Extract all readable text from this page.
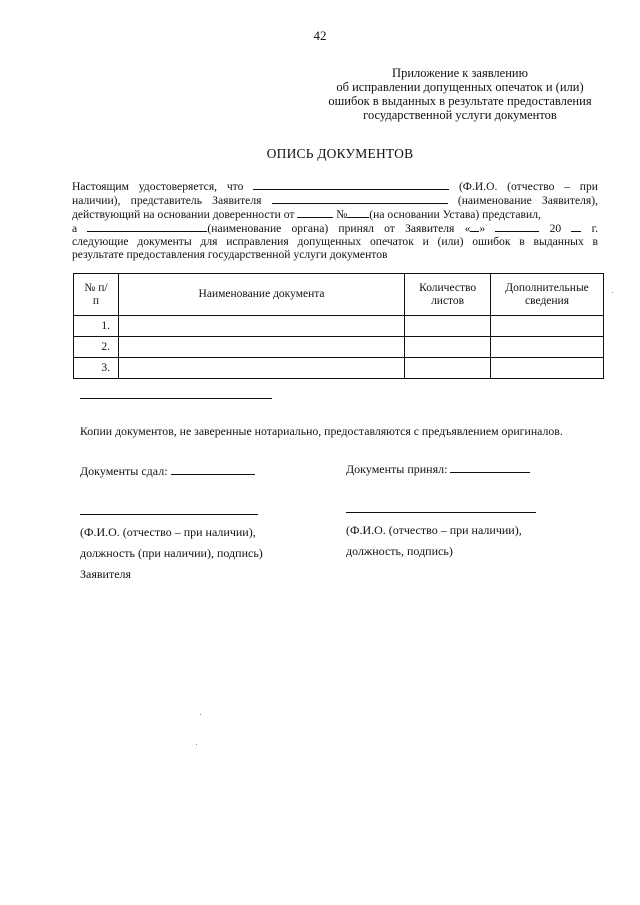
42
Приложение к заявлению
об исправлении допущенных опечаток и (или)
ошибок в выданных в результате предоставления
государственной услуги документов
ОПИСЬ ДОКУМЕНТОВ
Настоящим удостоверяется, что	(Ф.И.О. (отчество – при
наличии), представитель Заявителя	(наименование Заявителя),
действующий на основании доверенности от	№ (на основании Устава) представил,
а	(наименование органа) принял от Заявителя « »	20	г.
следующие документы для исправления допущенных опечаток и (или) ошибок в выданных в
результате предоставления государственной услуги документов
№ п/п	Наименование документа	Количество листов	Дополнительные сведения
1.			
2.			
3.			
Копии документов, не заверенные нотариально, предоставляются с предъявлением оригиналов.
Документы сдал:
(Ф.И.О. (отчество – при наличии),
должность (при наличии), подпись)
Заявителя
Документы принял:
(Ф.И.О. (отчество – при наличии),
должность, подпись)
